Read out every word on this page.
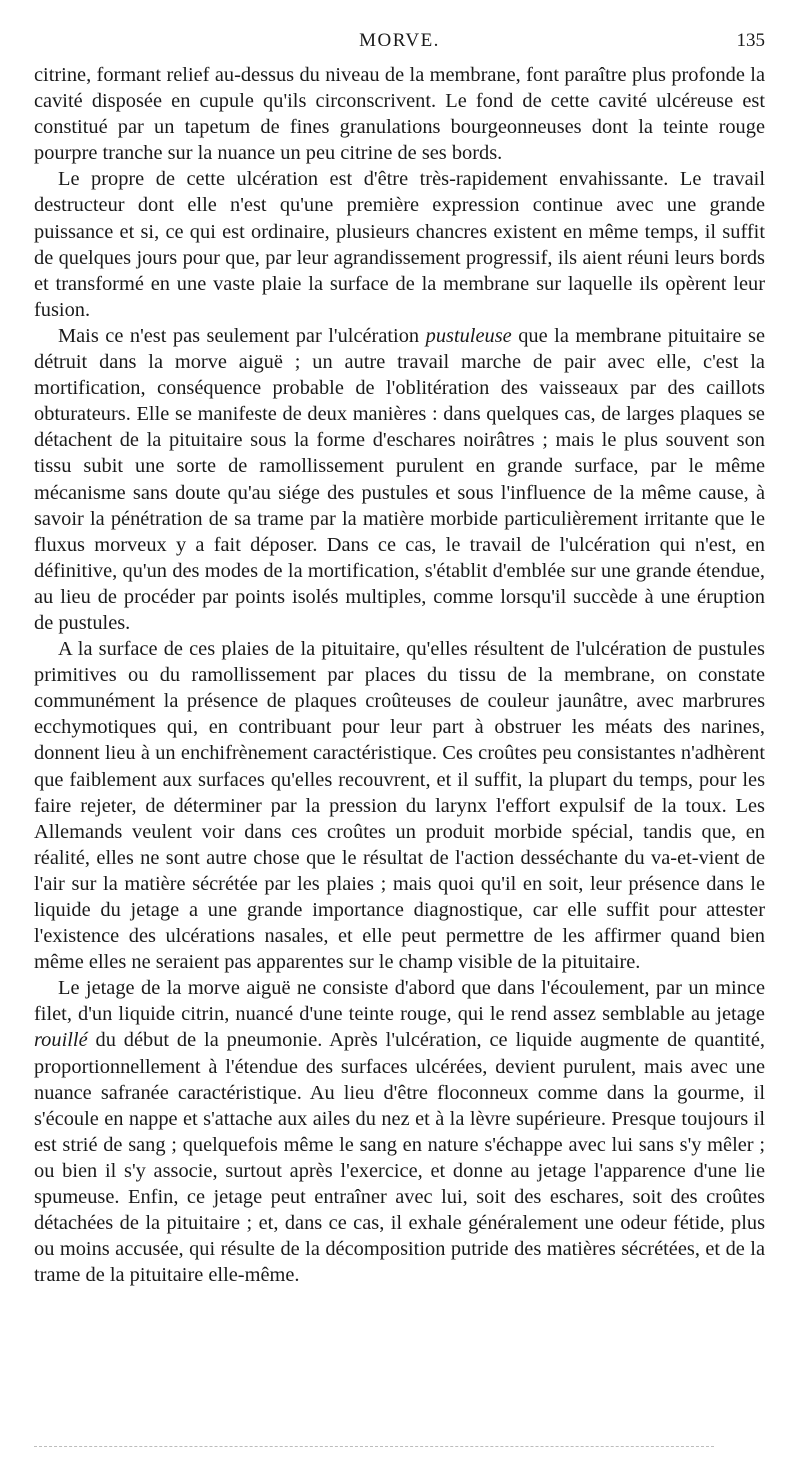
MORVE.	135

citrine, formant relief au-dessus du niveau de la membrane, font paraître plus profonde la cavité disposée en cupule qu'ils circonscrivent. Le fond de cette cavité ulcéreuse est constitué par un tapetum de fines granulations bourgeonneuses dont la teinte rouge pourpre tranche sur la nuance un peu citrine de ses bords.

Le propre de cette ulcération est d'être très-rapidement envahissante. Le travail destructeur dont elle n'est qu'une première expression continue avec une grande puissance et si, ce qui est ordinaire, plusieurs chancres existent en même temps, il suffit de quelques jours pour que, par leur agrandissement progressif, ils aient réuni leurs bords et transformé en une vaste plaie la surface de la membrane sur laquelle ils opèrent leur fusion.

Mais ce n'est pas seulement par l'ulcération pustuleuse que la membrane pituitaire se détruit dans la morve aiguë ; un autre travail marche de pair avec elle, c'est la mortification, conséquence probable de l'oblitération des vaisseaux par des caillots obturateurs. Elle se manifeste de deux manières : dans quelques cas, de larges plaques se détachent de la pituitaire sous la forme d'eschares noirâtres ; mais le plus souvent son tissu subit une sorte de ramollissement purulent en grande surface, par le même mécanisme sans doute qu'au siége des pustules et sous l'influence de la même cause, à savoir la pénétration de sa trame par la matière morbide particulièrement irritante que le fluxus morveux y a fait déposer. Dans ce cas, le travail de l'ulcération qui n'est, en définitive, qu'un des modes de la mortification, s'établit d'emblée sur une grande étendue, au lieu de procéder par points isolés multiples, comme lorsqu'il succède à une éruption de pustules.

A la surface de ces plaies de la pituitaire, qu'elles résultent de l'ulcération de pustules primitives ou du ramollissement par places du tissu de la membrane, on constate communément la présence de plaques croûteuses de couleur jaunâtre, avec marbrures ecchymotiques qui, en contribuant pour leur part à obstruer les méats des narines, donnent lieu à un enchifrènement caractéristique. Ces croûtes peu consistantes n'adhèrent que faiblement aux surfaces qu'elles recouvrent, et il suffit, la plupart du temps, pour les faire rejeter, de déterminer par la pression du larynx l'effort expulsif de la toux. Les Allemands veulent voir dans ces croûtes un produit morbide spécial, tandis que, en réalité, elles ne sont autre chose que le résultat de l'action desséchante du va-et-vient de l'air sur la matière sécrétée par les plaies ; mais quoi qu'il en soit, leur présence dans le liquide du jetage a une grande importance diagnostique, car elle suffit pour attester l'existence des ulcérations nasales, et elle peut permettre de les affirmer quand bien même elles ne seraient pas apparentes sur le champ visible de la pituitaire.

Le jetage de la morve aiguë ne consiste d'abord que dans l'écoulement, par un mince filet, d'un liquide citrin, nuancé d'une teinte rouge, qui le rend assez semblable au jetage rouillé du début de la pneumonie. Après l'ulcération, ce liquide augmente de quantité, proportionnellement à l'étendue des surfaces ulcérées, devient purulent, mais avec une nuance safranée caractéristique. Au lieu d'être floconneux comme dans la gourme, il s'écoule en nappe et s'attache aux ailes du nez et à la lèvre supérieure. Presque toujours il est strié de sang ; quelquefois même le sang en nature s'échappe avec lui sans s'y mêler ; ou bien il s'y associe, surtout après l'exercice, et donne au jetage l'apparence d'une lie spumeuse. Enfin, ce jetage peut entraîner avec lui, soit des eschares, soit des croûtes détachées de la pituitaire ; et, dans ce cas, il exhale généralement une odeur fétide, plus ou moins accusée, qui résulte de la décomposition putride des matières sécrétées, et de la trame de la pituitaire elle-même.
